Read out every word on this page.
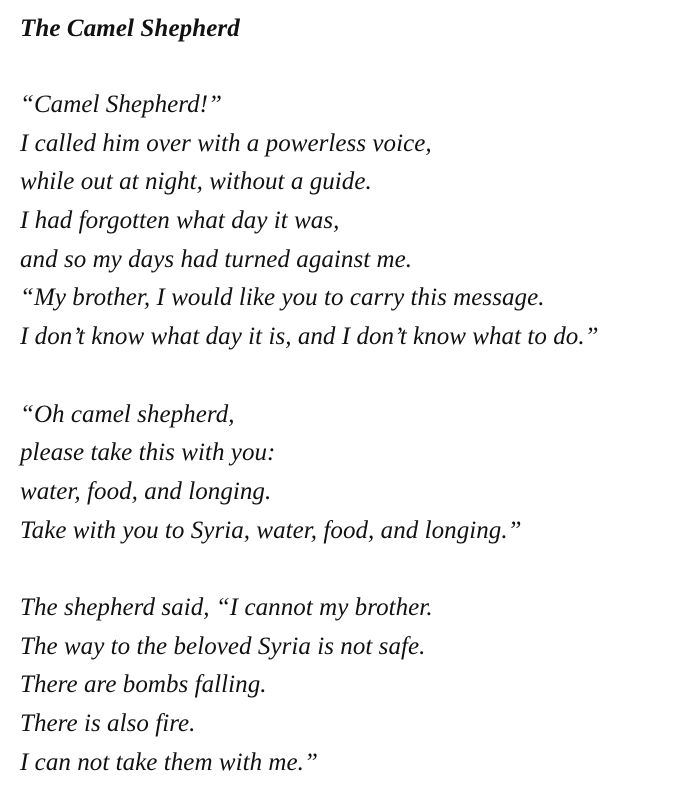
The Camel Shepherd
“Camel Shepherd!”
I called him over with a powerless voice,
while out at night, without a guide.
I had forgotten what day it was,
and so my days had turned against me.
“My brother, I would like you to carry this message.
I don’t know what day it is, and I don’t know what to do.”
“Oh camel shepherd,
please take this with you:
water, food, and longing.
Take with you to Syria, water, food, and longing.”
The shepherd said, “I cannot my brother.
The way to the beloved Syria is not safe.
There are bombs falling.
There is also fire.
I can not take them with me.”
